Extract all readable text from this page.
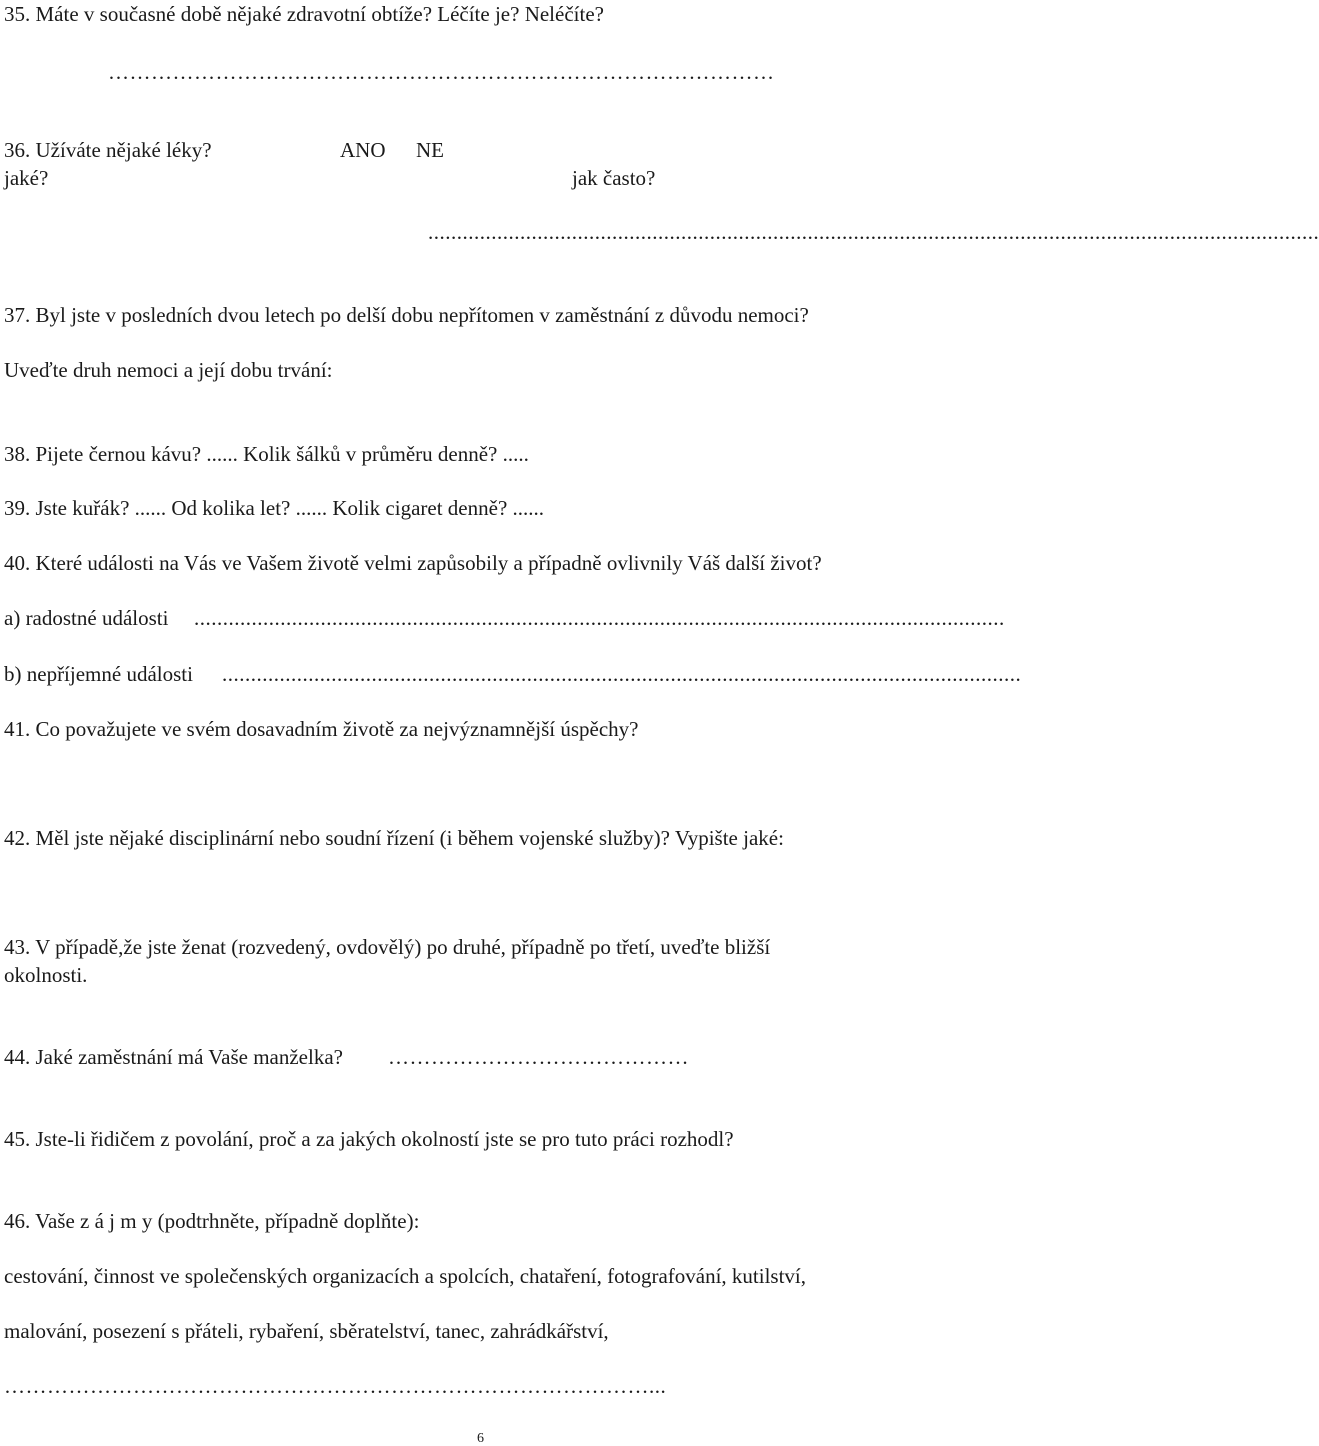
35. Máte v současné době nějaké zdravotní obtíže? Léčíte je? Neléčíte?
…………………………………………………………………………………
36. Užíváte nějaké léky?	ANO NE
jaké?	jak často?
...........................................................................................................................................................
37. Byl jste v posledních dvou letech po delší dobu nepřítomen v zaměstnání z důvodu nemoci?
Uveďte druh nemoci a její dobu trvání:
38. Pijete černou kávu? ...... Kolik šálků v průměru denně? .....
39. Jste kuřák? ...... Od kolika let? ...... Kolik cigaret denně? ......
40. Které události na Vás ve Vašem životě velmi zapůsobily a případně ovlivnily Váš další život?
a) radostné události .............................................................................................................................................
b) nepříjemné události ...........................................................................................................................................
41. Co považujete ve svém dosavadním životě za nejvýznamnější úspěchy?
42. Měl jste nějaké disciplinární nebo soudní řízení (i během vojenské služby)? Vypište jaké:
43. V případě,že jste ženat (rozvedený, ovdovělý) po druhé, případně po třetí, uveďte bližší
okolnosti.
44. Jaké zaměstnání má Vaše manželka? ……………………………………
45. Jste-li řidičem z povolání, proč a za jakých okolností jste se pro tuto práci rozhodl?
46. Vaše z á j m y (podtrhněte, případně doplňte):
cestování, činnost ve společenských organizacích a spolcích, chataření, fotografování, kutilství,
malování, posezení s přáteli, rybaření, sběratelství, tanec, zahrádkářství,
………………………………………………………………………………...
6
